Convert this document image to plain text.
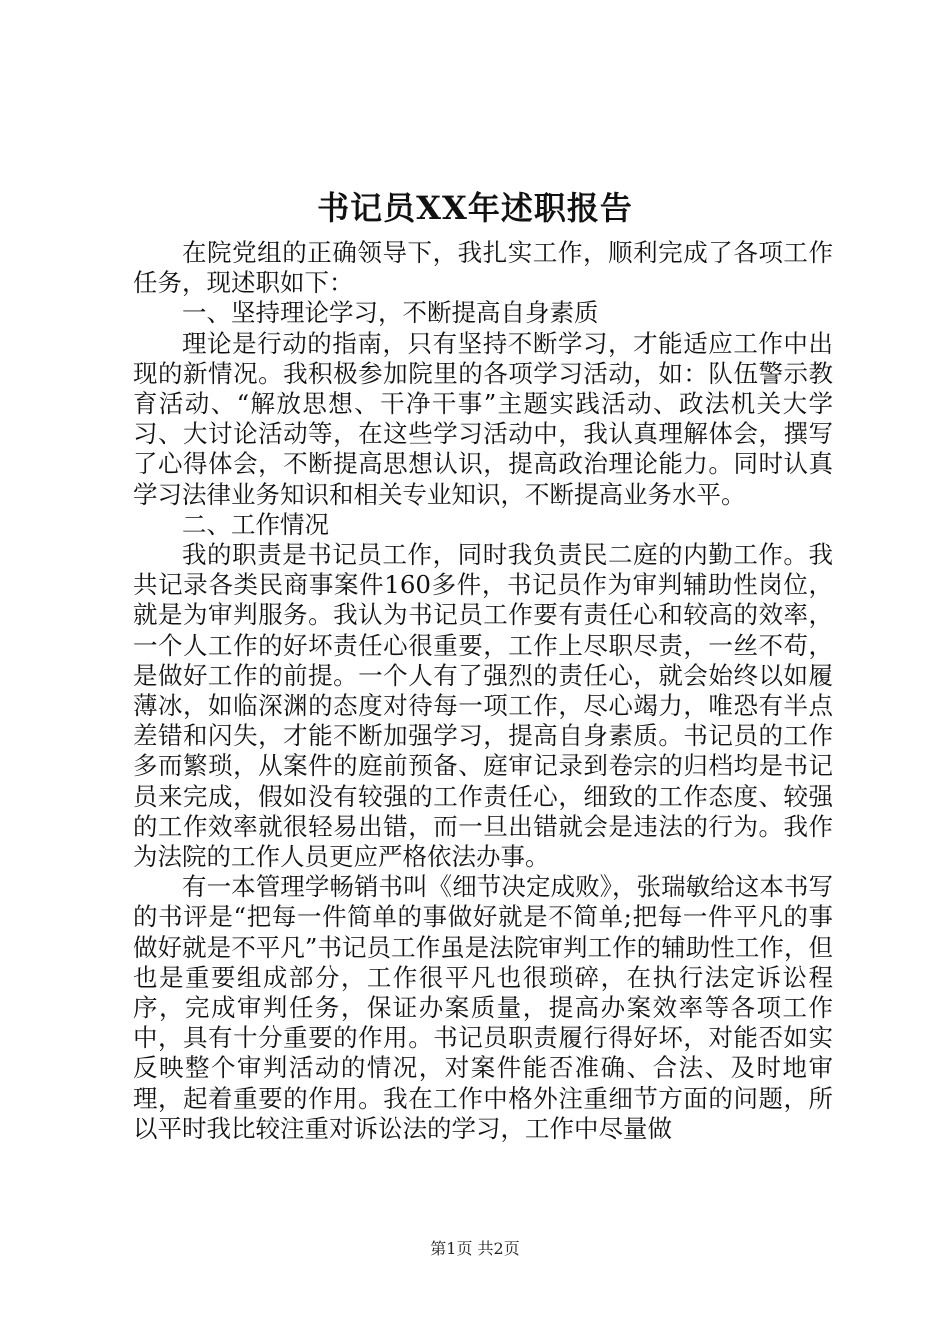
书记员XX年述职报告

在院党组的正确领导下，我扎实工作，顺利完成了各项工作任务，现述职如下：

一、坚持理论学习，不断提高自身素质

理论是行动的指南，只有坚持不断学习，才能适应工作中出现的新情况。我积极参加院里的各项学习活动，如：队伍警示教育活动、“解放思想、干净干事”主题实践活动、政法机关大学习、大讨论活动等，在这些学习活动中，我认真理解体会，撰写了心得体会，不断提高思想认识，提高政治理论能力。同时认真学习法律业务知识和相关专业知识，不断提高业务水平。

二、工作情况

我的职责是书记员工作，同时我负责民二庭的内勤工作。我共记录各类民商事案件160多件，书记员作为审判辅助性岗位，就是为审判服务。我认为书记员工作要有责任心和较高的效率，一个人工作的好坏责任心很重要，工作上尽职尽责，一丝不苟，是做好工作的前提。一个人有了强烈的责任心，就会始终以如履薄冰，如临深渊的态度对待每一项工作，尽心竭力，唯恐有半点差错和闪失，才能不断加强学习，提高自身素质。书记员的工作多而繁琐，从案件的庭前预备、庭审记录到卷宗的归档均是书记员来完成，假如没有较强的工作责任心，细致的工作态度、较强的工作效率就很轻易出错，而一旦出错就会是违法的行为。我作为法院的工作人员更应严格依法办事。

有一本管理学畅销书叫《细节决定成败》，张瑞敏给这本书写的书评是“把每一件简单的事做好就是不简单;把每一件平凡的事做好就是不平凡”书记员工作虽是法院审判工作的辅助性工作，但也是重要组成部分，工作很平凡也很琐碎，在执行法定诉讼程序，完成审判任务，保证办案质量，提高办案效率等各项工作中，具有十分重要的作用。书记员职责履行得好坏，对能否如实反映整个审判活动的情况，对案件能否准确、合法、及时地审理，起着重要的作用。我在工作中格外注重细节方面的问题，所以平时我比较注重对诉讼法的学习，工作中尽量做

第1页 共2页
